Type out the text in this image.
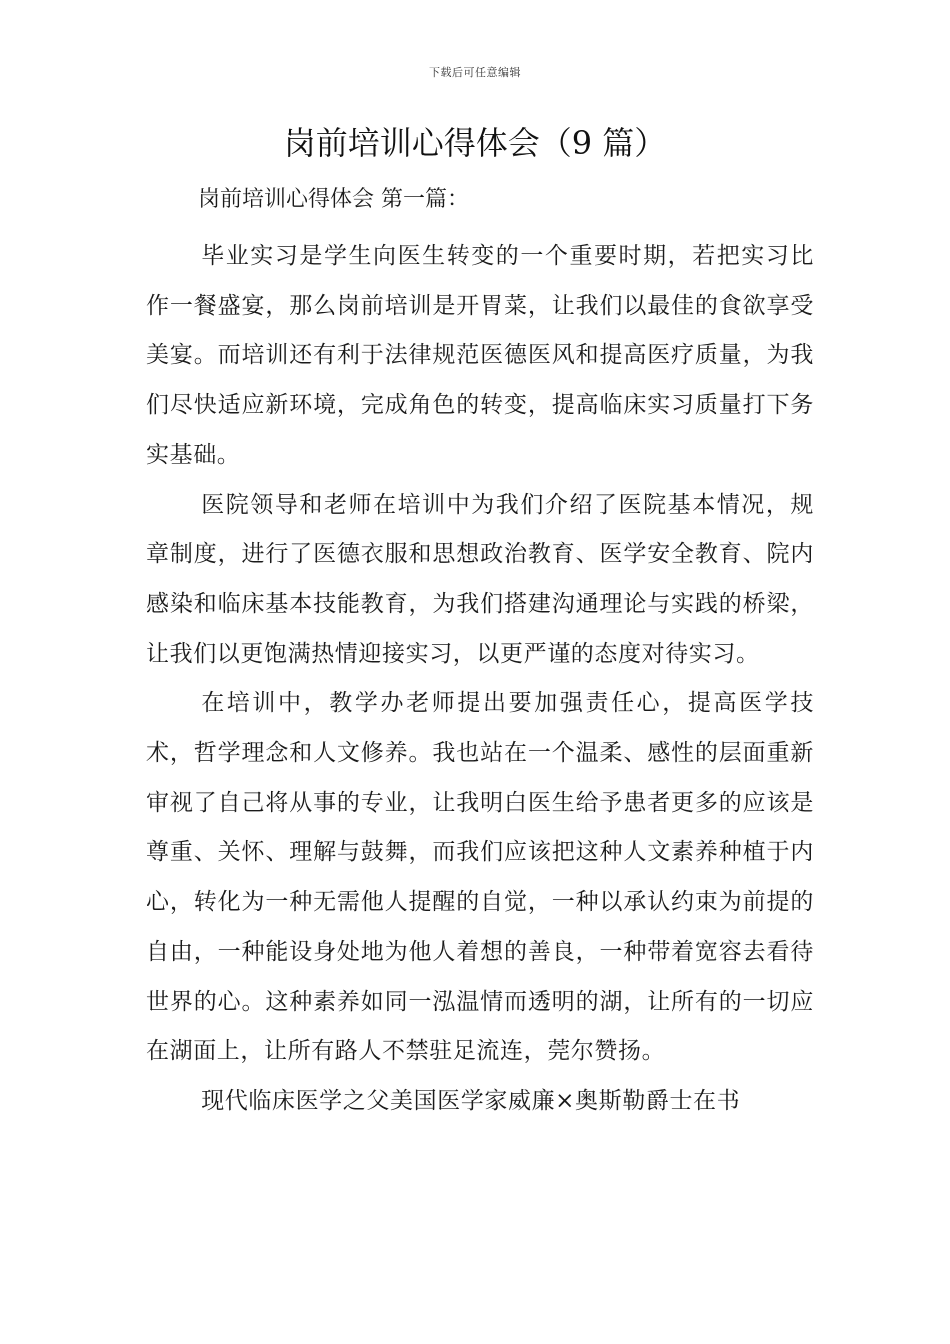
下载后可任意编辑
岗前培训心得体会（9 篇）

岗前培训心得体会 第一篇：

毕业实习是学生向医生转变的一个重要时期，若把实习比作一餐盛宴，那么岗前培训是开胃菜，让我们以最佳的食欲享受美宴。而培训还有利于法律规范医德医风和提高医疗质量，为我们尽快适应新环境，完成角色的转变，提高临床实习质量打下务实基础。

医院领导和老师在培训中为我们介绍了医院基本情况，规章制度，进行了医德衣服和思想政治教育、医学安全教育、院内感染和临床基本技能教育，为我们搭建沟通理论与实践的桥梁，让我们以更饱满热情迎接实习，以更严谨的态度对待实习。

在培训中，教学办老师提出要加强责任心，提高医学技术，哲学理念和人文修养。我也站在一个温柔、感性的层面重新审视了自己将从事的专业，让我明白医生给予患者更多的应该是尊重、关怀、理解与鼓舞，而我们应该把这种人文素养种植于内心，转化为一种无需他人提醒的自觉，一种以承认约束为前提的自由，一种能设身处地为他人着想的善良，一种带着宽容去看待世界的心。这种素养如同一泓温情而透明的湖，让所有的一切应在湖面上，让所有路人不禁驻足流连，莞尔赞扬。

现代临床医学之父美国医学家威廉×奥斯勒爵士在书
